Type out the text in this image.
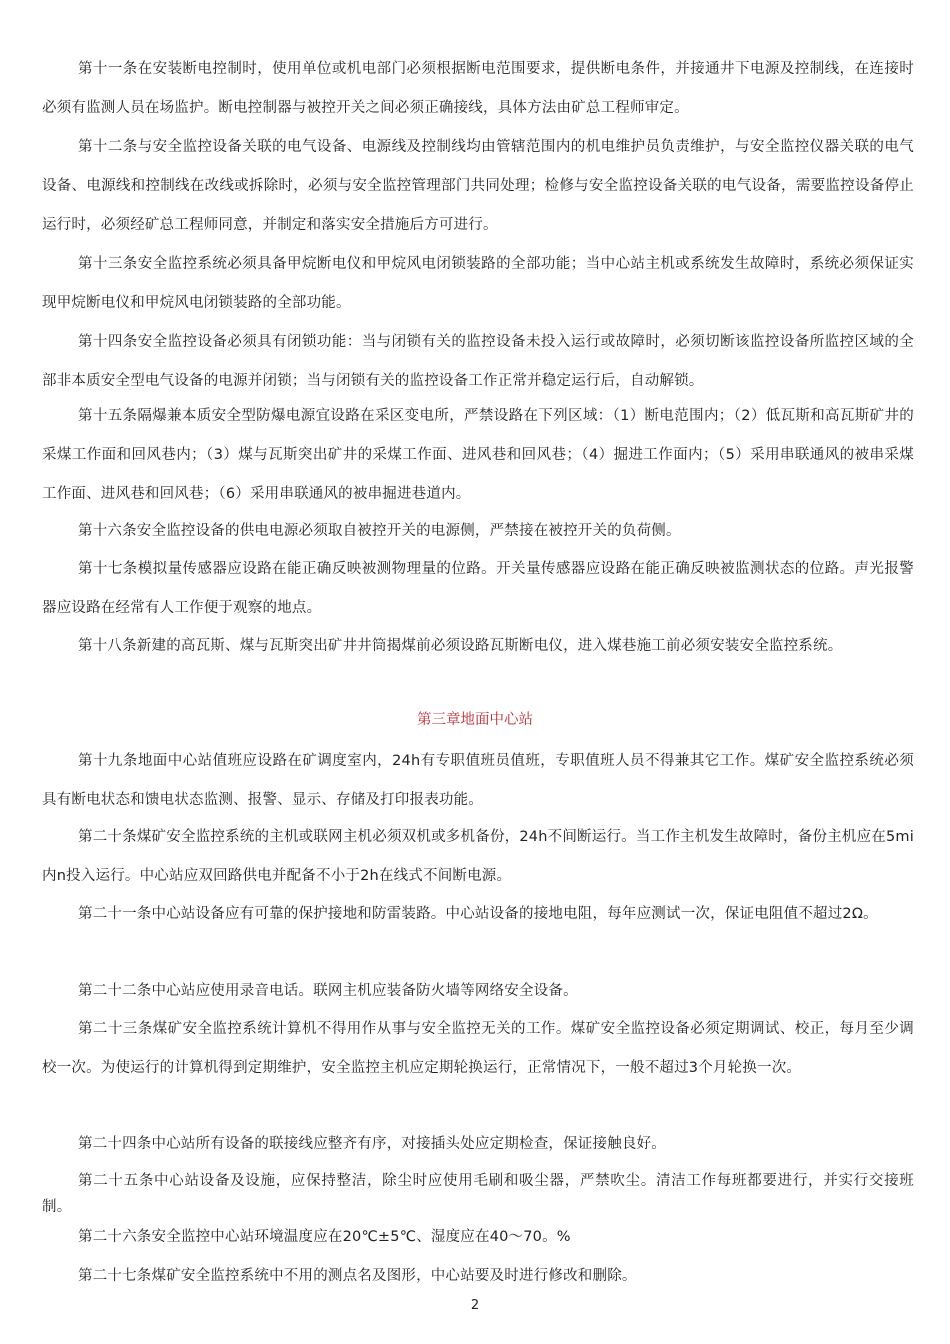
第十一条在安装断电控制时，使用单位或机电部门必须根据断电范围要求，提供断电条件，并接通井下电源及控制线，在连接时必须有监测人员在场监护。断电控制器与被控开关之间必须正确接线，具体方法由矿总工程师审定。

第十二条与安全监控设备关联的电气设备、电源线及控制线均由管辖范围内的机电维护员负责维护，与安全监控仪器关联的电气设备、电源线和控制线在改线或拆除时，必须与安全监控管理部门共同处理；检修与安全监控设备关联的电气设备，需要监控设备停止运行时，必须经矿总工程师同意，并制定和落实安全措施后方可进行。

第十三条安全监控系统必须具备甲烷断电仪和甲烷风电闭锁装路的全部功能；当中心站主机或系统发生故障时，系统必须保证实现甲烷断电仪和甲烷风电闭锁装路的全部功能。

第十四条安全监控设备必须具有闭锁功能：当与闭锁有关的监控设备未投入运行或故障时，必须切断该监控设备所监控区域的全部非本质安全型电气设备的电源并闭锁；当与闭锁有关的监控设备工作正常并稳定运行后，自动解锁。

第十五条隔爆兼本质安全型防爆电源宜设路在采区变电所，严禁设路在下列区域：（1）断电范围内；（2）低瓦斯和高瓦斯矿井的采煤工作面和回风巷内；（3）煤与瓦斯突出矿井的采煤工作面、进风巷和回风巷；（4）掘进工作面内；（5）采用串联通风的被串采煤工作面、进风巷和回风巷；（6）采用串联通风的被串掘进巷道内。

第十六条安全监控设备的供电电源必须取自被控开关的电源侧，严禁接在被控开关的负荷侧。

第十七条模拟量传感器应设路在能正确反映被测物理量的位路。开关量传感器应设路在能正确反映被监测状态的位路。声光报警器应设路在经常有人工作便于观察的地点。

第十八条新建的高瓦斯、煤与瓦斯突出矿井井筒揭煤前必须设路瓦斯断电仪，进入煤巷施工前必须安装安全监控系统。

第三章地面中心站

第十九条地面中心站值班应设路在矿调度室内，24h有专职值班员值班，专职值班人员不得兼其它工作。煤矿安全监控系统必须具有断电状态和馈电状态监测、报警、显示、存储及打印报表功能。

第二十条煤矿安全监控系统的主机或联网主机必须双机或多机备份，24h不间断运行。当工作主机发生故障时，备份主机应在5mi内n投入运行。中心站应双回路供电并配备不小于2h在线式不间断电源。

第二十一条中心站设备应有可靠的保护接地和防雷装路。中心站设备的接地电阻，每年应测试一次，保证电阻值不超过2Ω。

第二十二条中心站应使用录音电话。联网主机应装备防火墙等网络安全设备。

第二十三条煤矿安全监控系统计算机不得用作从事与安全监控无关的工作。煤矿安全监控设备必须定期调试、校正，每月至少调校一次。为使运行的计算机得到定期维护，安全监控主机应定期轮换运行，正常情况下，一般不超过3个月轮换一次。

第二十四条中心站所有设备的联接线应整齐有序，对接插头处应定期检查，保证接触良好。

第二十五条中心站设备及设施，应保持整洁，除尘时应使用毛刷和吸尘器，严禁吹尘。清洁工作每班都要进行，并实行交接班制。

第二十六条安全监控中心站环境温度应在20℃±5℃、湿度应在40～70。%

第二十七条煤矿安全监控系统中不用的测点名及图形，中心站要及时进行修改和删除。

2
